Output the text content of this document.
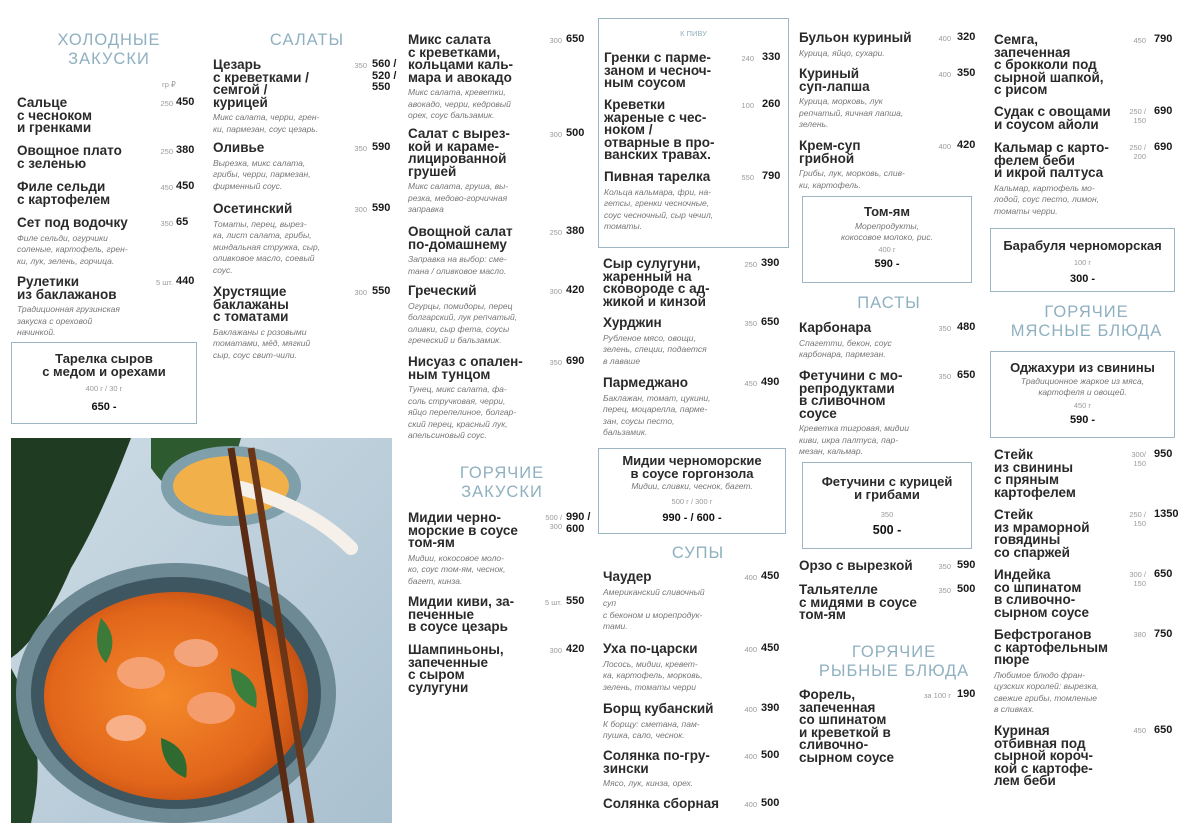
ХОЛОДНЫЕ ЗАКУСКИ
гр ₽
Сальце
с чесноком
и гренками
250 450
Овощное плато
с зеленью
250 380
Филе сельди
с картофелем
450 450
Сет под водочку
Филе сельди, огурчики
соленые, картофель, грен-
ки, лук, зелень, горчица.
350 65
Рулетики
из баклажанов
Традиционная грузинская
закуска с ореховой
начинкой.
5 шт. 440
Тарелка сыров
с медом и орехами
400 г / 30 г
650 -
САЛАТЫ
Цезарь
с креветками /
семгой /
курицей
Микс салата, черри, грен-
ки, пармезан, соус цезарь.
350 560 /
520 /
550
Оливье
Вырезка, микс салата,
грибы, черри, пармезан,
фирменный соус.
350 590
Осетинский
Томаты, перец, вырез-
ка, лист салата, грибы,
миндальная стружка, сыр,
оливковое масло, соевый
соус.
300 590
Хрустящие
баклажаны
с томатами
Баклажаны с розовыми
томатами, мёд, мягкий
сыр, соус свит-чили.
300 550
Микс салата
с креветками,
кольцами каль-
мара и авокадо
Микс салата, креветки,
авокадо, черри, кедровый
орех, соус бальзамик.
300 650
Салат с вырез-
кой и караме-
лицированной
грушей
Микс салата, груша, вы-
резка, медово-горчичная
заправка
300 500
Овощной салат
по-домашнему
Заправка на выбор: сме-
тана / оливковое масло.
250 380
Греческий
Огурцы, помидоры, перец
болгарский, лук репчатый,
оливки, сыр фета, соусы
греческий и бальзамик.
300 420
Нисуаз с опален-
ным тунцом
Тунец, микс салата, фа-
соль стручковая, черри,
яйцо перепелиное, болгар-
ский перец, красный лук,
апельсиновый соус.
350 690
ГОРЯЧИЕ ЗАКУСКИ
Мидии черно-
морские в соусе
том-ям
Мидии, кокосовое моло-
ко, соус том-ям, чеснок,
багет, кинза.
500 /
300
990 /
600
Мидии киви, за-
печенные
в соусе цезарь
5 шт. 550
Шампиньоны,
запеченные
с сыром
сулугуни
300 420
К ПИВУ
Гренки с парме-
заном и чесноч-
ным соусом
240 330
Креветки
жареные с чес-
ноком /
отварные в про-
ванских травах.
100 260
Пивная тарелка
Кольца кальмара, фри, на-
гетсы, гренки чесночные,
соус чесночный, сыр чечил,
томаты.
550 790
Сыр сулугуни,
жаренный на
сковороде с ад-
жикой и кинзой
250 390
Хурджин
Рубленое мясо, овощи,
зелень, специи, подается
в лаваше
350 650
Пармеджано
Баклажан, томат, цукини,
перец, моцарелла, парме-
зан, соусы песто,
бальзамик.
450 490
СУПЫ
Чаудер
Американский сливочный
суп
с беконом и морепродук-
тами.
400 450
Уха по-царски
Лосось, мидии, кревет-
ка, картофель, морковь,
зелень, томаты черри
400 450
Борщ кубанский
К борщу: сметана, пам-
пушка, сало, чеснок.
400 390
Солянка по-гру-
зински
Мясо, лук, кинза, орех.
400 500
Солянка сборная	400 500
Мидии черноморские
в соусе горгонзола
Мидии, сливки, чеснок, багет.
500 г / 300 г
990 - / 600 -
Бульон куриный
Курица, яйцо, сухари.
400 320
Куриный
суп-лапша
Курица, морковь, лук
репчатый, яичная лапша,
зелень.
400 350
Крем-суп
грибной
Грибы, лук, морковь, слив-
ки, картофель.
400 420
ПАСТЫ
Карбонара
Спагетти, бекон, соус
карбонара, пармезан.
350 480
Фетучини с мо-
репродуктами
в сливочном
соусе
Креветка тигровая, мидии
киви, икра палтуса, пар-
мезан, кальмар.
350 650
Орзо с вырезкой	350 590
Тальятелле
с мидями в соусе
том-ям
350 500
ГОРЯЧИЕ РЫБНЫЕ БЛЮДА
Форель,
запеченная
со шпинатом
и креветкой в
сливочно-
сырном соусе
за 100 г 190
Том-ям
Морепродукты,
кокосовое молоко, рис.
400 г
590 -
Фетучини с курицей
и грибами
350
500 -
Семга,
запеченная
с брокколи под
сырной шапкой,
с рисом
450 790
Судак с овощами
и соусом айоли
250 /
150
690
Кальмар с карто-
фелем беби
и икрой палтуса
Кальмар, картофель мо-
лодой, соус песто, лимон,
томаты черри.
250 /
200
690
ГОРЯЧИЕ МЯСНЫЕ БЛЮДА
Стейк
из свинины
с пряным
картофелем
300/
150
950
Стейк
из мраморной
говядины
со спаржей
250 /
150
1350
Индейка
со шпинатом
в сливочно-
сырном соусе
300 /
150
650
Бефстроганов
с картофельным
пюре
Любимое блюдо фран-
цузских королей: вырезка,
свежие грибы, томленые
в сливках.
380 750
Куриная
отбивная под
сырной короч-
кой с картофе-
лем беби
450 650
Барабуля черноморская
100 г
300 -
Оджахури из свинины
Традиционное жаркое из мяса,
картофеля и овощей.
450 г
590 -
